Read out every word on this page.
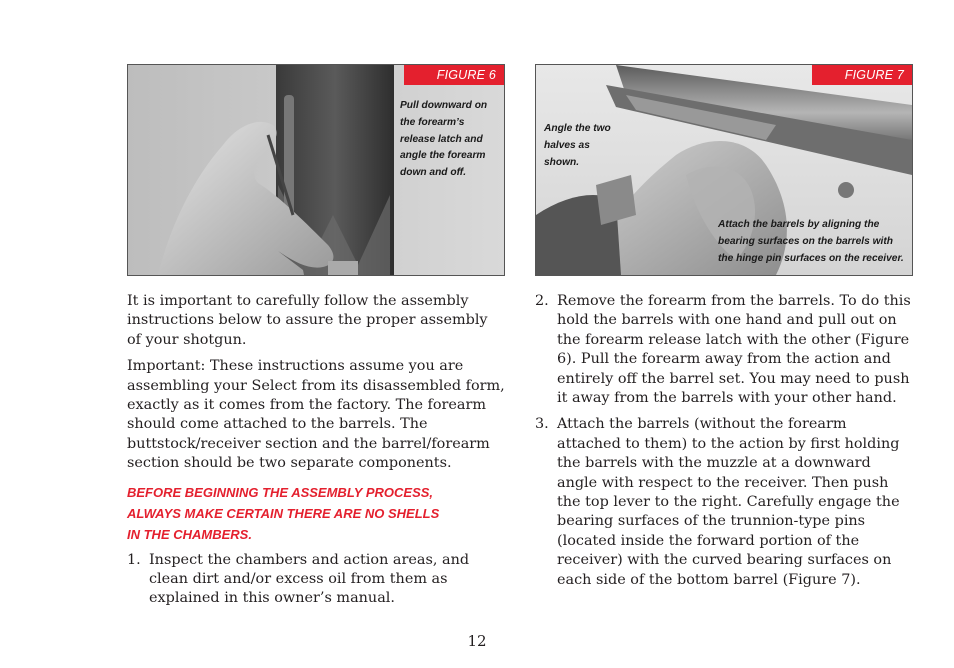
FIGURE 6
Pull downward on the forearm’s release latch and angle the forearm down and off.
FIGURE 7
Angle the two halves as shown.
Attach the barrels by aligning the bearing surfaces on the barrels with the hinge pin surfaces on the receiver.

It is important to carefully follow the assembly instructions below to assure the proper assembly of your shotgun.

Important: These instructions assume you are assembling your Select from its disassembled form, exactly as it comes from the factory. The forearm should come attached to the barrels. The buttstock/receiver section and the barrel/forearm section should be two separate components.

BEFORE BEGINNING THE ASSEMBLY PROCESS,
ALWAYS MAKE CERTAIN THERE ARE NO SHELLS
IN THE CHAMBERS.
1. Inspect the chambers and action areas, and clean dirt and/or excess oil from them as explained in this owner’s manual.
2. Remove the forearm from the barrels. To do this hold the barrels with one hand and pull out on the forearm release latch with the other (Figure 6). Pull the forearm away from the action and entirely off the barrel set. You may need to push it away from the barrels with your other hand.
3. Attach the barrels (without the forearm attached to them) to the action by first holding the barrels with the muzzle at a downward angle with respect to the receiver. Then push the top lever to the right. Carefully engage the bearing surfaces of the trunnion-type pins (located inside the forward portion of the receiver) with the curved bearing surfaces on each side of the bottom barrel (Figure 7).
12
